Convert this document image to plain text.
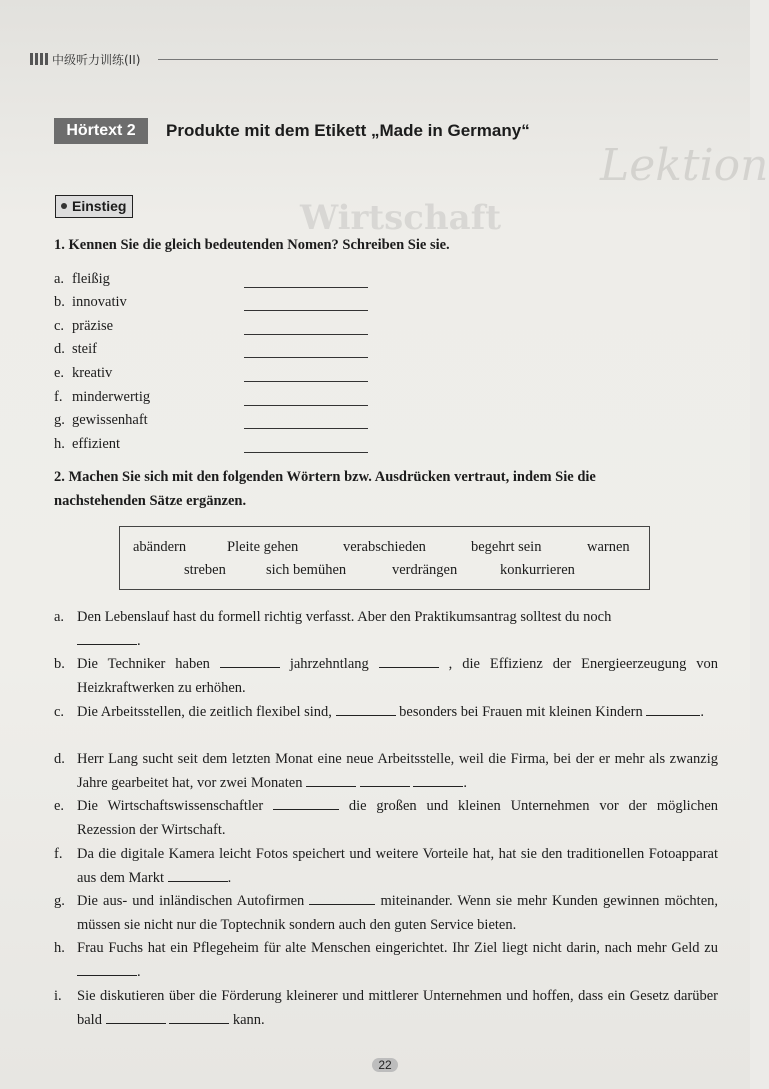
Lektion
Wirtschaft
中级听力训练(II)
Hörtext 2	Produkte mit dem Etikett „Made in Germany“
Einstieg
1. Kennen Sie die gleich bedeutenden Nomen? Schreiben Sie sie.
a. fleißig
b. innovativ
c. präzise
d. steif
e. kreativ
f. minderwertig
g. gewissenhaft
h. effizient
2. Machen Sie sich mit den folgenden Wörtern bzw. Ausdrücken vertraut, indem Sie die
nachstehenden Sätze ergänzen.
abändern	Pleite gehen	verabschieden	begehrt sein	warnen
streben	sich bemühen	verdrängen	konkurrieren
a. Den Lebenslauf hast du formell richtig verfasst. Aber den Praktikumsantrag solltest du noch
.
b. Die Techniker haben	jahrzehntlang	, die Effizienz der Energieerzeugung von Heizkraftwerken zu erhöhen.
c. Die Arbeitsstellen, die zeitlich flexibel sind,	besonders bei Frauen mit kleinen Kindern	.
d. Herr Lang sucht seit dem letzten Monat eine neue Arbeitsstelle, weil die Firma, bei der er mehr als zwanzig Jahre gearbeitet hat, vor zwei Monaten	.
e. Die Wirtschaftswissenschaftler	die großen und kleinen Unternehmen vor der möglichen Rezession der Wirtschaft.
f. Da die digitale Kamera leicht Fotos speichert und weitere Vorteile hat, hat sie den traditionellen Fotoapparat aus dem Markt	.
g. Die aus- und inländischen Autofirmen	miteinander. Wenn sie mehr Kunden gewinnen möchten, müssen sie nicht nur die Toptechnik sondern auch den guten Service bieten.
h. Frau Fuchs hat ein Pflegeheim für alte Menschen eingerichtet. Ihr Ziel liegt nicht darin, nach mehr Geld zu .
i. Sie diskutieren über die Förderung kleinerer und mittlerer Unternehmen und hoffen, dass ein Gesetz darüber bald	kann.
22
